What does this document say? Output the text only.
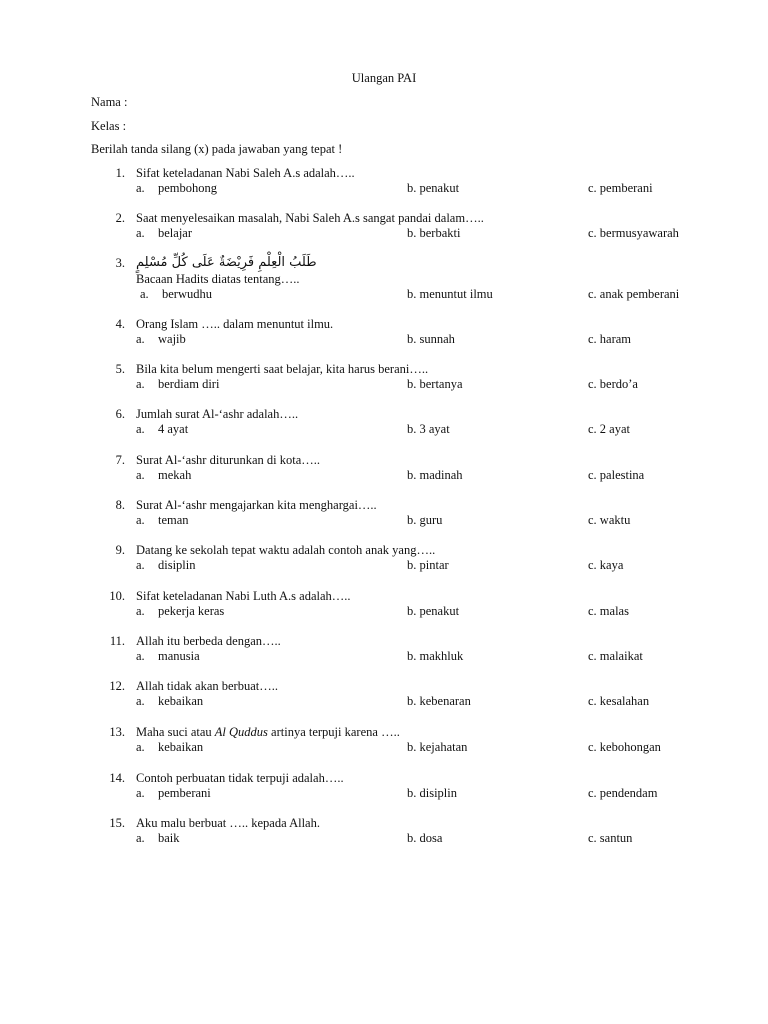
Ulangan PAI
Nama :
Kelas :
Berilah tanda silang (x) pada jawaban yang tepat !
1. Sifat keteladanan Nabi Saleh A.s adalah…..
a. pembohong	b. penakut	c. pemberani
2. Saat menyelesaikan masalah, Nabi Saleh A.s sangat pandai dalam…..
a. belajar	b. berbakti	c. bermusyawarah
3. طَلَبُ الْعِلْمِ فَرِيْضَةٌ عَلَى كُلِّ مُسْلِمٍ
Bacaan Hadits diatas tentang…..
a. berwudhu	b. menuntut ilmu	c. anak pemberani
4. Orang Islam ….. dalam menuntut ilmu.
a. wajib	b. sunnah	c. haram
5. Bila kita belum mengerti saat belajar, kita harus berani…..
a. berdiam diri	b. bertanya	c. berdo’a
6. Jumlah surat Al-‘ashr adalah…..
a. 4 ayat	b. 3 ayat	c. 2 ayat
7. Surat Al-‘ashr diturunkan di kota…..
a. mekah	b. madinah	c. palestina
8. Surat Al-‘ashr mengajarkan kita menghargai…..
a. teman	b. guru	c. waktu
9. Datang ke sekolah tepat waktu adalah contoh anak yang…..
a. disiplin	b. pintar	c. kaya
10. Sifat keteladanan Nabi Luth A.s adalah…..
a. pekerja keras	b. penakut	c. malas
11. Allah itu berbeda dengan…..
a. manusia	b. makhluk	c. malaikat
12. Allah tidak akan berbuat…..
a. kebaikan	b. kebenaran	c. kesalahan
13. Maha suci atau Al Quddus artinya terpuji karena …..
a. kebaikan	b. kejahatan	c. kebohongan
14. Contoh perbuatan tidak terpuji adalah…..
a. pemberani	b. disiplin	c. pendendam
15. Aku malu berbuat ….. kepada Allah.
a. baik	b. dosa	c. santun
